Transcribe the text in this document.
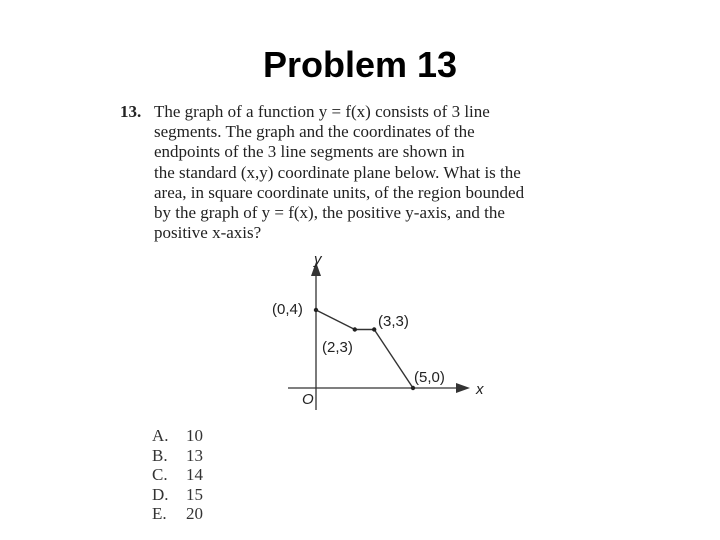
Problem 13
13. The graph of a function y = f(x) consists of 3 line
segments. The graph and the coordinates of the
endpoints of the 3 line segments are shown in
the standard (x,y) coordinate plane below. What is the
area, in square coordinate units, of the region bounded
by the graph of y = f(x), the positive y-axis, and the
positive x-axis?
y
x
O
(0,4)
(2,3)
(3,3)
(5,0)
A. 10
B. 13
C. 14
D. 15
E. 20
